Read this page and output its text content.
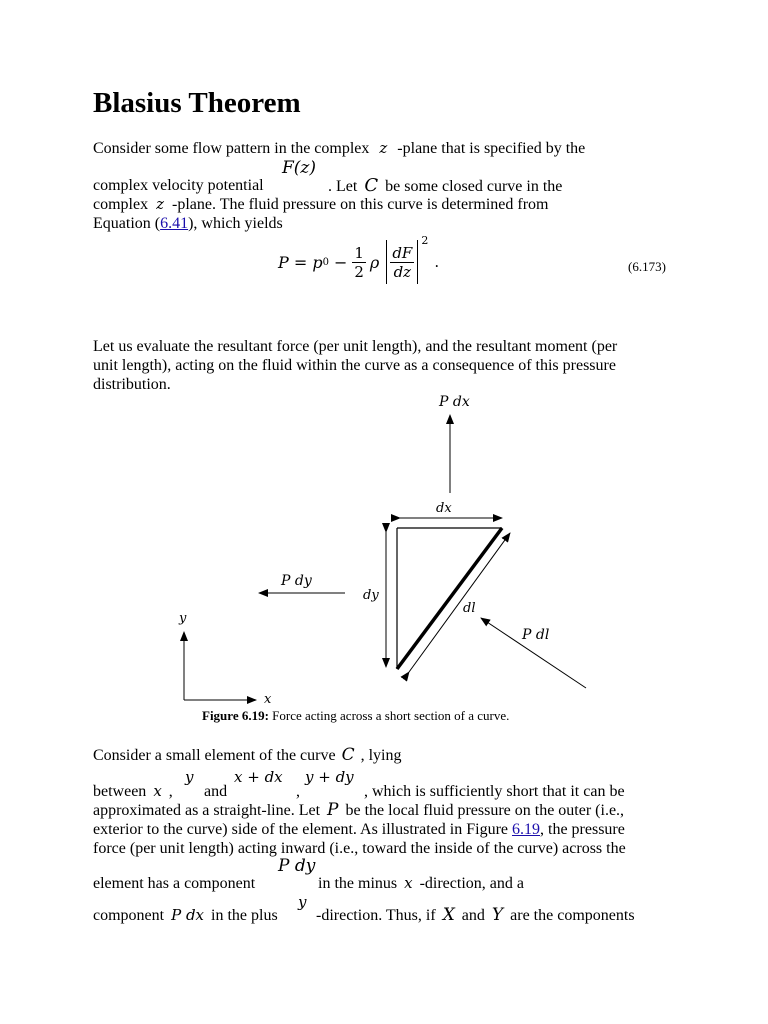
Blasius Theorem
Consider some flow pattern in the complex z -plane that is specified by the
F(z)
complex velocity potential	. Let C be some closed curve in the
complex z -plane. The fluid pressure on this curve is determined from
Equation (6.41), which yields
P = p $0 - \frac{1}{2}$ ρ $\frac{dF}{dz}$
2
.	(6.173)
Let us evaluate the resultant force (per unit length), and the resultant moment (per
unit length), acting on the fluid within the curve as a consequence of this pressure
distribution.
P dx
dx
P dy
dy
dl
P dl
y
x
Figure 6.19: Force acting across a short section of a curve.
Consider a small element of the curve C , lying
y	x + dx y + dy
between x , and	,	, which is sufficiently short that it can be
approximated as a straight-line. Let P be the local fluid pressure on the outer (i.e.,
exterior to the curve) side of the element. As illustrated in Figure 6.19, the pressure
force (per unit length) acting inward (i.e., toward the inside of the curve) across the
P dy
element has a component	in the minus x -direction, and a
y
component P dx in the plus -direction. Thus, if X and Y are the components
